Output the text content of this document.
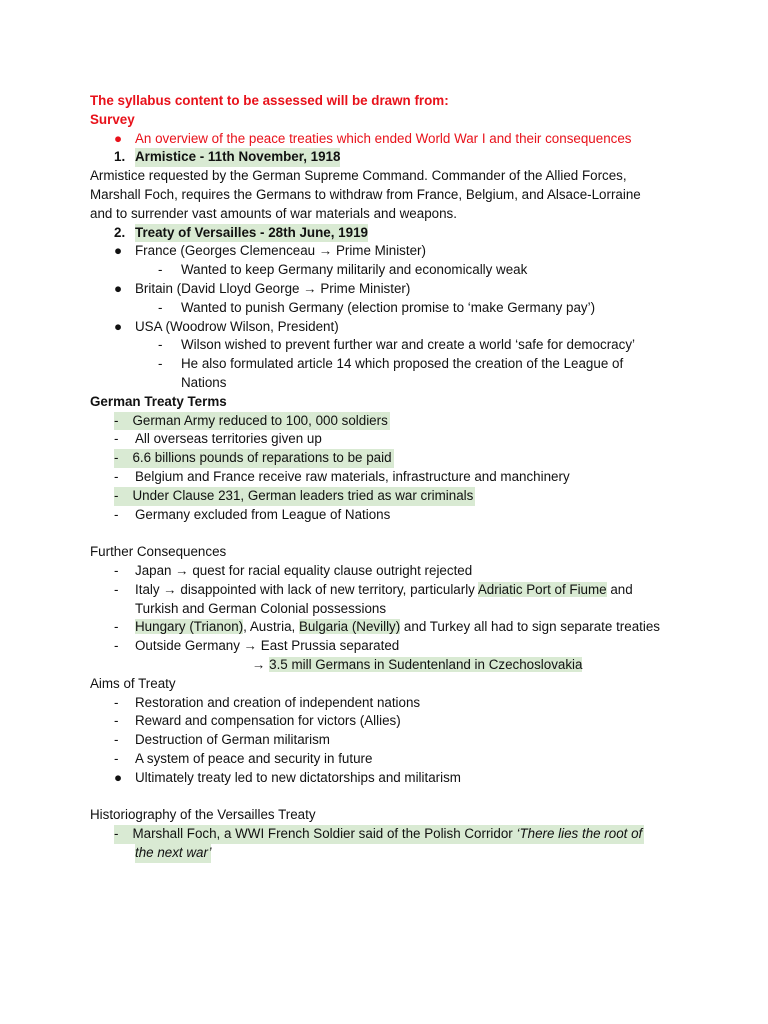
The syllabus content to be assessed will be drawn from:
Survey
● An overview of the peace treaties which ended World War I and their consequences
1. Armistice - 11th November, 1918
Armistice requested by the German Supreme Command. Commander of the Allied Forces,
Marshall Foch, requires the Germans to withdraw from France, Belgium, and Alsace-Lorraine
and to surrender vast amounts of war materials and weapons.
2. Treaty of Versailles - 28th June, 1919
● France (Georges Clemenceau → Prime Minister)
- Wanted to keep Germany militarily and economically weak
● Britain (David Lloyd George → Prime Minister)
- Wanted to punish Germany (election promise to ‘make Germany pay’)
● USA (Woodrow Wilson, President)
- Wilson wished to prevent further war and create a world ‘safe for democracy’
- He also formulated article 14 which proposed the creation of the League of
Nations
German Treaty Terms
- German Army reduced to 100, 000 soldiers
- All overseas territories given up
- 6.6 billions pounds of reparations to be paid
- Belgium and France receive raw materials, infrastructure and manchinery
- Under Clause 231, German leaders tried as war criminals
- Germany excluded from League of Nations
Further Consequences
- Japan → quest for racial equality clause outright rejected
- Italy → disappointed with lack of new territory, particularly Adriatic Port of Fiume and
Turkish and German Colonial possessions
- Hungary (Trianon), Austria, Bulgaria (Nevilly) and Turkey all had to sign separate treaties
- Outside Germany → East Prussia separated
→ 3.5 mill Germans in Sudentenland in Czechoslovakia
Aims of Treaty
- Restoration and creation of independent nations
- Reward and compensation for victors (Allies)
- Destruction of German militarism
- A system of peace and security in future
● Ultimately treaty led to new dictatorships and militarism
Historiography of the Versailles Treaty
- Marshall Foch, a WWI French Soldier said of the Polish Corridor ‘There lies the root of
the next war’
